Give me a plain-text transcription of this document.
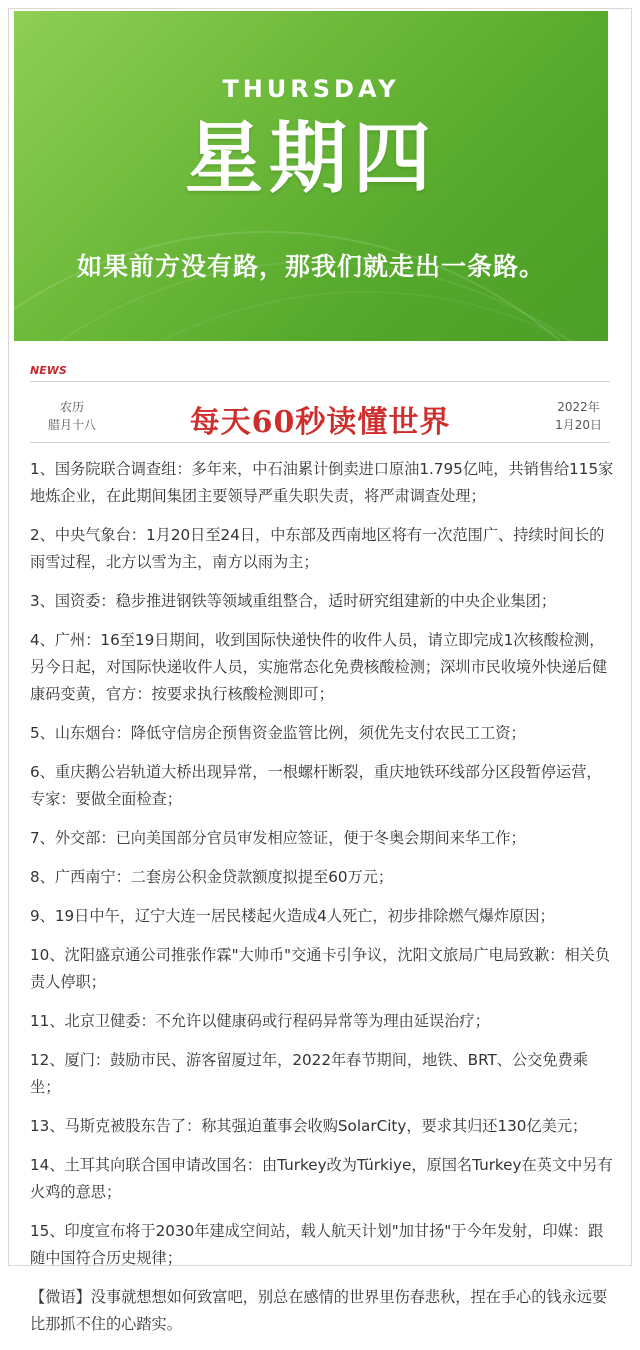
THURSDAY
星期四
如果前方没有路，那我们就走出一条路。
NEWS
农历
腊月十八	每天60秒读懂世界	2022年
1月20日

1、国务院联合调查组：多年来，中石油累计倒卖进口原油1.795亿吨，共销售给115家地炼企业，在此期间集团主要领导严重失职失责，将严肃调查处理；

2、中央气象台：1月20日至24日，中东部及西南地区将有一次范围广、持续时间长的雨雪过程，北方以雪为主，南方以雨为主；

3、国资委：稳步推进钢铁等领域重组整合，适时研究组建新的中央企业集团；

4、广州：16至19日期间，收到国际快递快件的收件人员，请立即完成1次核酸检测，另今日起，对国际快递收件人员，实施常态化免费核酸检测；深圳市民收境外快递后健康码变黄，官方：按要求执行核酸检测即可；

5、山东烟台：降低守信房企预售资金监管比例，须优先支付农民工工资；

6、重庆鹅公岩轨道大桥出现异常，一根螺杆断裂，重庆地铁环线部分区段暂停运营，专家：要做全面检查；

7、外交部：已向美国部分官员审发相应签证，便于冬奥会期间来华工作；

8、广西南宁：二套房公积金贷款额度拟提至60万元；

9、19日中午，辽宁大连一居民楼起火造成4人死亡，初步排除燃气爆炸原因；

10、沈阳盛京通公司推张作霖"大帅币"交通卡引争议，沈阳文旅局广电局致歉：相关负责人停职；

11、北京卫健委：不允许以健康码或行程码异常等为理由延误治疗；

12、厦门：鼓励市民、游客留厦过年，2022年春节期间，地铁、BRT、公交免费乘坐；

13、马斯克被股东告了：称其强迫董事会收购SolarCity，要求其归还130亿美元；

14、土耳其向联合国申请改国名：由Turkey改为Türkiye，原国名Turkey在英文中另有火鸡的意思；

15、印度宣布将于2030年建成空间站，载人航天计划"加甘扬"于今年发射，印媒：跟随中国符合历史规律；

【微语】没事就想想如何致富吧，别总在感情的世界里伤春悲秋，捏在手心的钱永远要比那抓不住的心踏实。
